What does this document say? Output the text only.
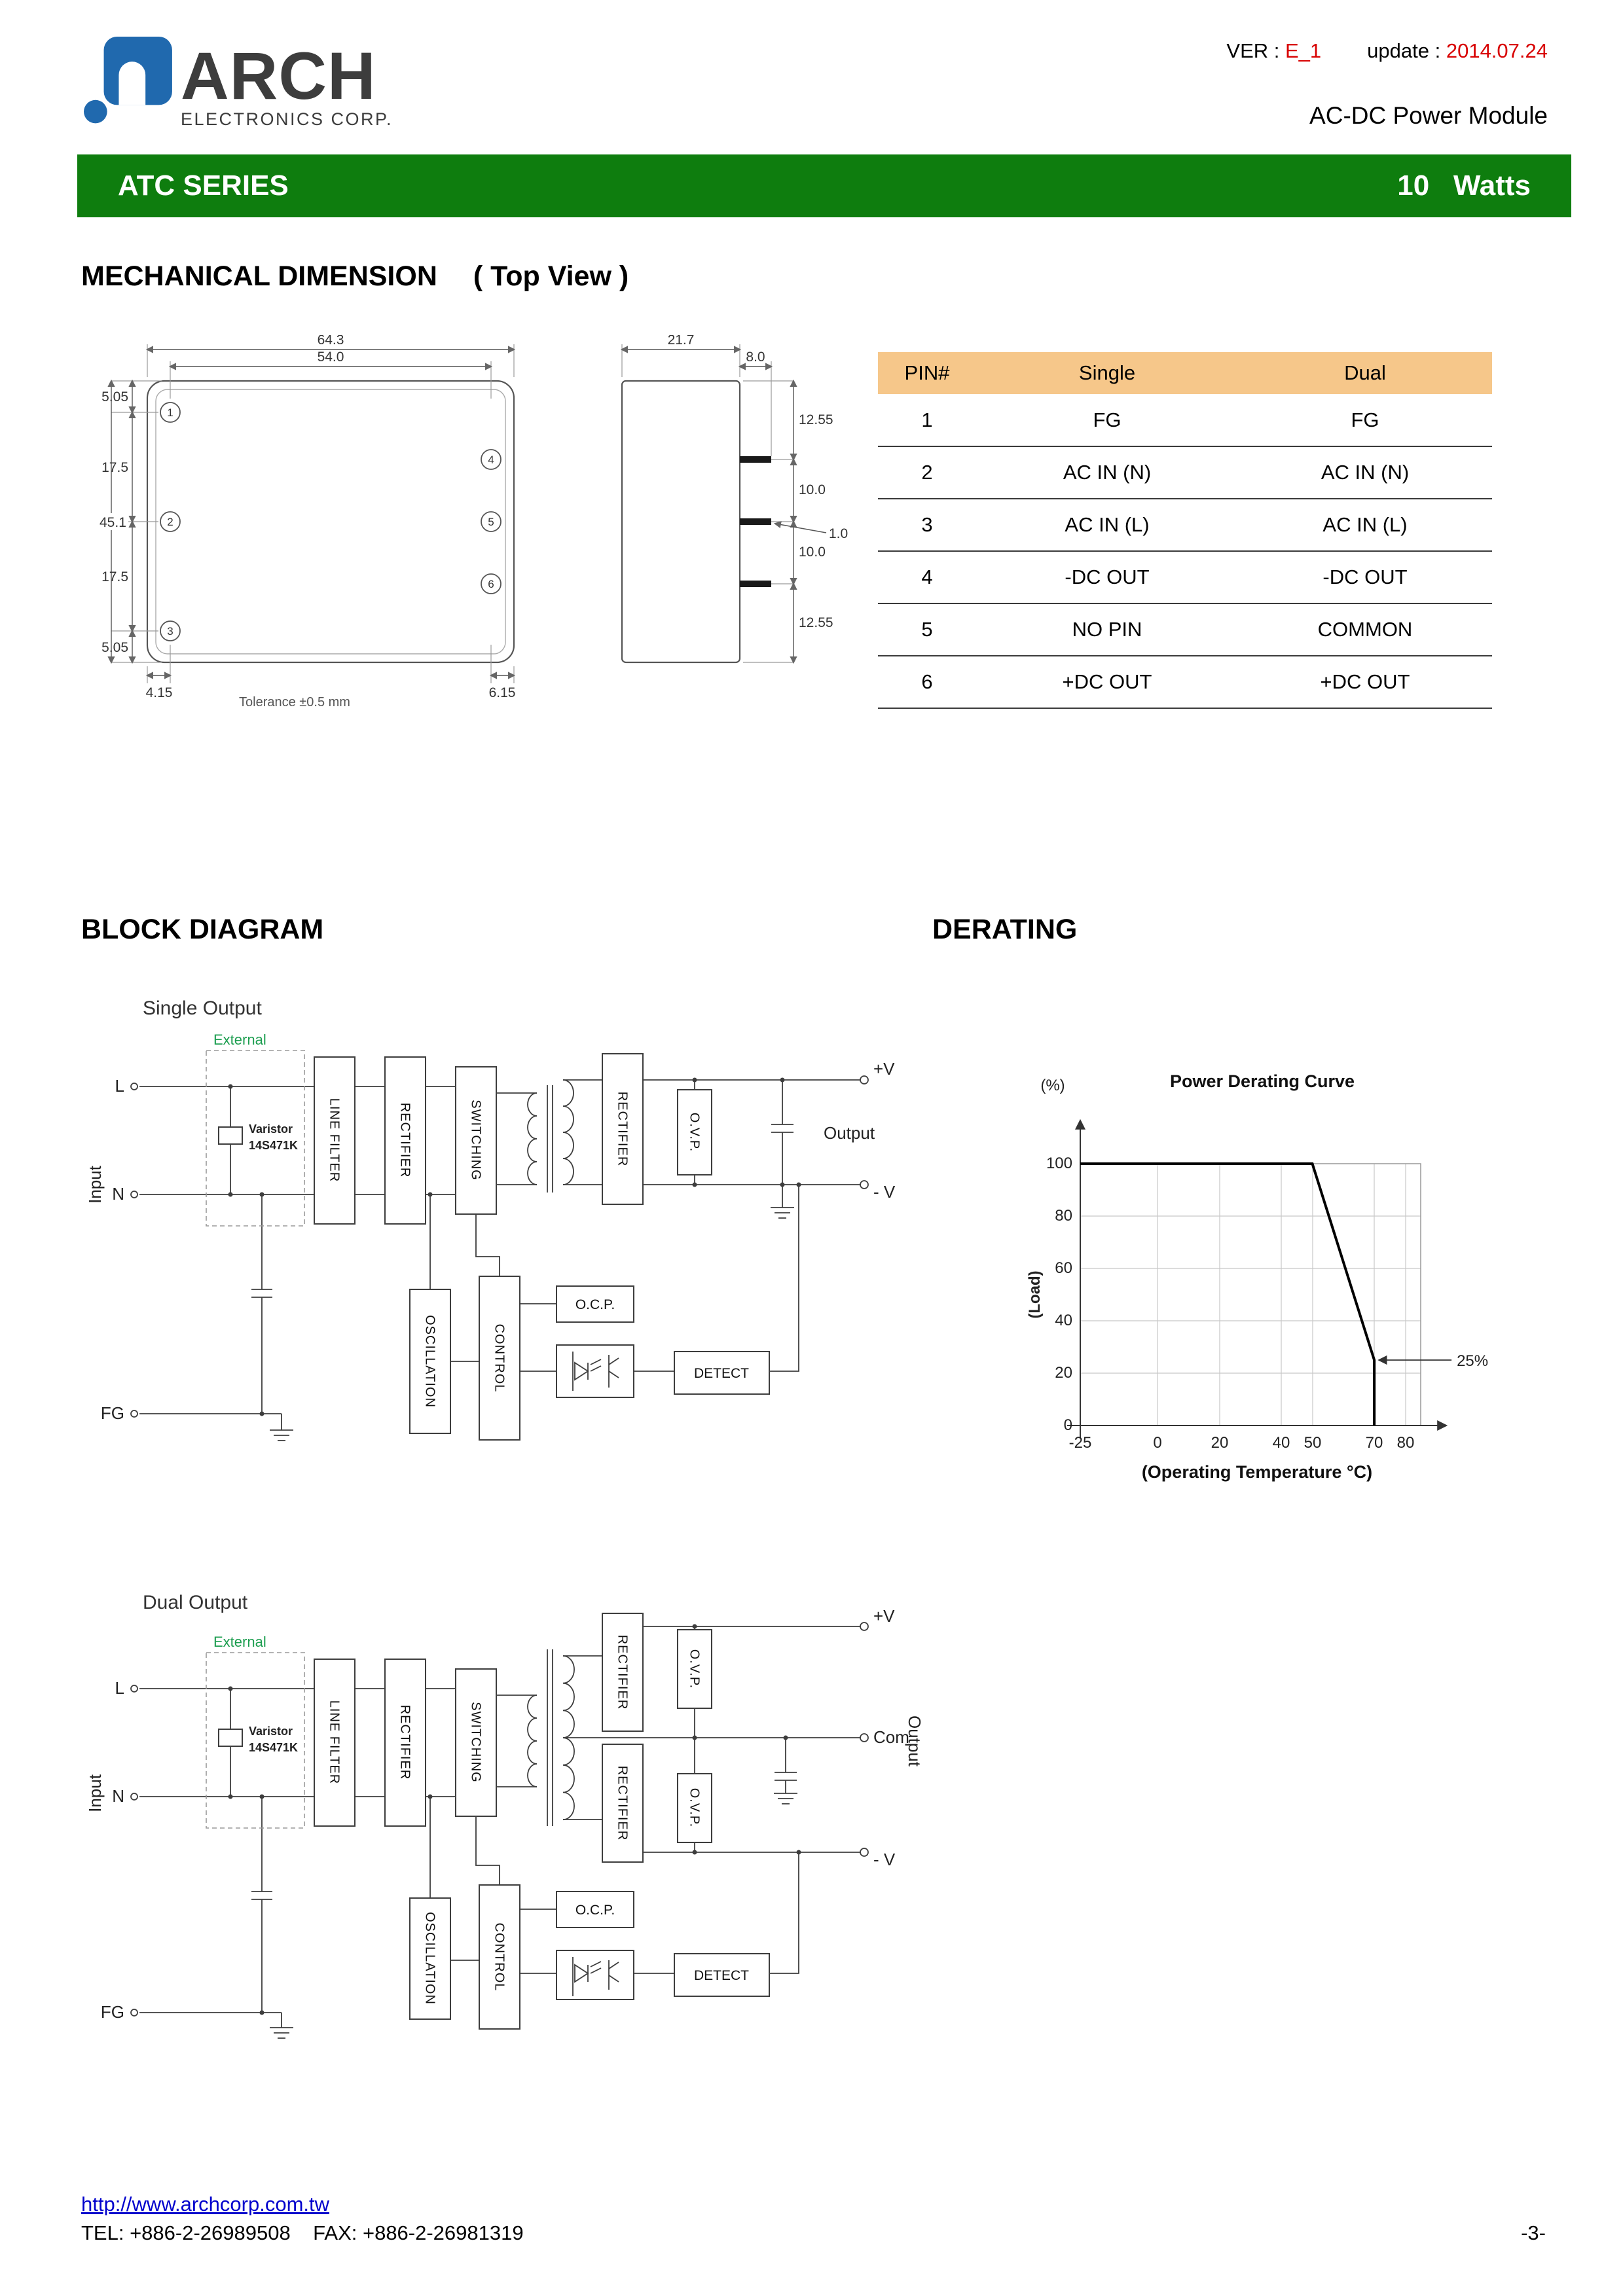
ARCH
ELECTRONICS CORP.
VER : E_1 update : 2014.07.24
AC-DC Power Module
ATC SERIES	10   Watts
MECHANICAL DIMENSION ( Top View )
1
2
3
4
5
6
64.3
54.0
45.1
5.05
17.5
17.5
5.05
4.15	6.15
Tolerance ±0.5 mm
21.7
8.0
12.55
10.0
10.0
12.55
1.0
PIN#	Single	Dual
1	FG	FG
2	AC IN (N)	AC IN (N)
3	AC IN (L)	AC IN (L)
4	-DC OUT	-DC OUT
5	NO PIN	COMMON
6	+DC OUT	+DC OUT
BLOCK DIAGRAM	DERATING
Single Output
Input
External
Varistor
14S471K LINE FILTER	RECTIFIER	SWITCHING	RECTIFIER	O.V.P.
OSCILLATION	CONTROL
O.C.P.
DETECT
L
N
FG
+V
- V
Output
(%)	Power Derating Curve
(Load)
100
80
60
40
20
0
-25	0	20	40 50	70 80
25%
(Operating Temperature °C)
Dual Output
Input
External
Varistor
14S471K LINE FILTER	RECTIFIER	SWITCHING
RECTIFIER	O.V.P.
RECTIFIER	O.V.P.
OSCILLATION	CONTROL
O.C.P.
DETECT
L
N
FG
+V
Com
- V
Output
http://www.archcorp.com.tw
TEL: +886-2-26989508    FAX: +886-2-26981319	-3-
